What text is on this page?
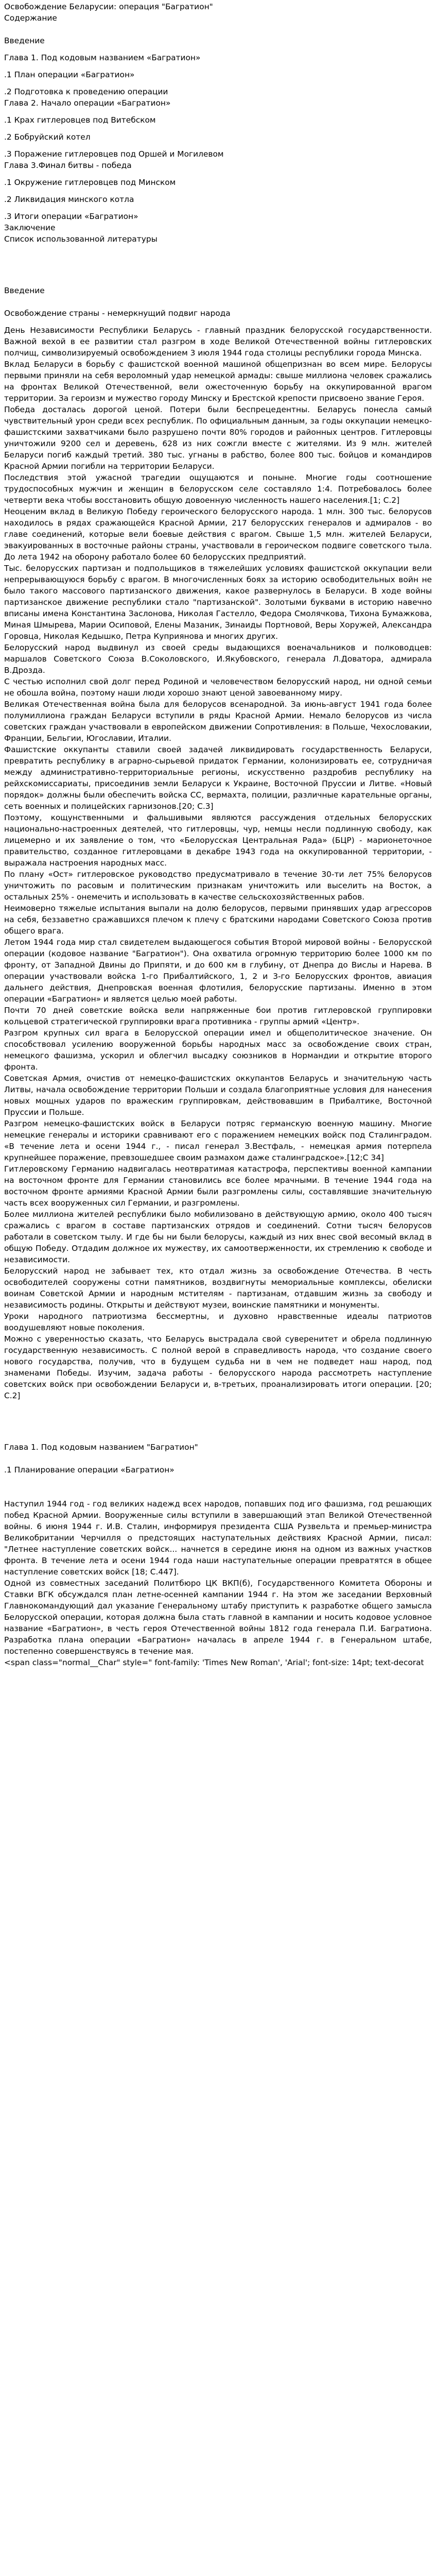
Освобождение Беларусии: операция "Багратион"

Содержание

Введение

Глава 1. Под кодовым названием «Багратион»

.1 План операции «Багратион»

.2 Подготовка к проведению операции

Глава 2. Начало операции «Багратион»

.1 Крах гитлеровцев под Витебском

.2 Бобруйский котел

.3 Поражение гитлеровцев под Оршей и Могилевом

Глава 3.Финал битвы - победа

.1 Окружение гитлеровцев под Минском

.2 Ликвидация минского котла

.3 Итоги операции «Багратион»

Заключение

Список использованной литературы

Введение

Освобождение страны - немеркнущий подвиг народа

День Независимости Республики Беларусь - главный праздник белорусской государственности. Важной вехой в ее развитии стал разгром в ходе Великой Отечественной войны гитлеровских полчищ, символизируемый освобождением 3 июля 1944 года столицы республики города Минска.

Вклад Беларуси в борьбу с фашистской военной машиной общепризнан во всем мире. Белорусы первыми приняли на себя вероломный удар немецкой армады: свыше миллиона человек сражались на фронтах Великой Отечественной, вели ожесточенную борьбу на оккупированной врагом территории. За героизм и мужество городу Минску и Брестской крепости присвоено звание Героя.

Победа досталась дорогой ценой. Потери были беспрецедентны. Беларусь понесла самый чувствительный урон среди всех республик. По официальным данным, за годы оккупации немецко-фашистскими захватчиками было разрушено почти 80% городов и районных центров. Гитлеровцы уничтожили 9200 сел и деревень, 628 из них сожгли вместе с жителями. Из 9 млн. жителей Беларуси погиб каждый третий. 380 тыс. угнаны в рабство, более 800 тыс. бойцов и командиров Красной Армии погибли на территории Беларуси.

Последствия этой ужасной трагедии ощущаются и поныне. Многие годы соотношение трудоспособных мужчин и женщин в белорусском селе составляло 1:4. Потребовалось более четверти века чтобы восстановить общую довоенную численность нашего населения.[1; С.2]

Неоценим вклад в Великую Победу героического белорусского народа. 1 млн. 300 тыс. белорусов находилось в рядах сражающейся Красной Армии, 217 белорусских генералов и адмиралов - во главе соединений, которые вели боевые действия с врагом. Свыше 1,5 млн. жителей Беларуси, эвакуированных в восточные районы страны, участвовали в героическом подвиге советского тыла. До лета 1942 на оборону работало более 60 белорусских предприятий.

Тыс. белорусских партизан и подпольщиков в тяжелейших условиях фашистской оккупации вели непрерывающуюся борьбу с врагом. В многочисленных боях за историю освободительных войн не было такого массового партизанского движения, какое развернулось в Беларуси. В ходе войны партизанское движение республики стало "партизанской". Золотыми буквами в историю навечно вписаны имена Константина Заслонова, Николая Гастелло, Федора Смолячкова, Тихона Бумажкова, Миная Шмырева, Марии Осиповой, Елены Мазаник, Зинаиды Портновой, Веры Хоружей, Александра Горовца, Николая Кедышко, Петра Куприянова и многих других.

Белорусский народ выдвинул из своей среды выдающихся военачальников и полководцев: маршалов Советского Союза В.Соколовского, И.Якубовского, генерала Л.Доватора, адмирала В.Дрозда.

С честью исполнил свой долг перед Родиной и человечеством белорусский народ, ни одной семьи не обошла война, поэтому наши люди хорошо знают ценой завоеванному миру.

Великая Отечественная война была для белорусов всенародной. За июнь-август 1941 года более полумиллиона граждан Беларуси вступили в ряды Красной Армии. Немало белорусов из числа советских граждан участвовали в европейском движении Сопротивления: в Польше, Чехословакии, Франции, Бельгии, Югославии, Италии.

Фашистские оккупанты ставили своей задачей ликвидировать государственность Беларуси, превратить республику в аграрно-сырьевой придаток Германии, колонизировать ее, сотрудничая между административно-территориальные регионы, искусственно раздробив республику на рейхскомиссариаты, присоединив земли Беларуси к Украине, Восточной Пруссии и Литве. «Новый порядок» должны были обеспечить войска СС, вермахта, полиции, различные карательные органы, сеть военных и полицейских гарнизонов.[20; С.3]

Поэтому, кощунственными и фальшивыми являются рассуждения отдельных белорусских национально-настроенных деятелей, что гитлеровцы, чур, немцы несли подлинную свободу, как лицемерно и их заявление о том, что «Белорусская Центральная Рада» (БЦР) - марионеточное правительство, созданное гитлеровцами в декабре 1943 года на оккупированной территории, - выражала настроения народных масс.

По плану «Ост» гитлеровское руководство предусматривало в течение 30-ти лет 75% белорусов уничтожить по расовым и политическим признакам уничтожить или выселить на Восток, а остальных 25% - онемечить и использовать в качестве сельскохозяйственных рабов.

Неимоверно тяжелые испытания выпали на долю белорусов, первыми принявших удар агрессоров на себя, беззаветно сражавшихся плечом к плечу с братскими народами Советского Союза против общего врага.

Летом 1944 года мир стал свидетелем выдающегося события Второй мировой войны - Белорусской операции (кодовое название "Багратион"). Она охватила огромную территорию более 1000 км по фронту, от Западной Двины до Припяти, и до 600 км в глубину, от Днепра до Вислы и Нарева. В операции участвовали войска 1-го Прибалтийского, 1, 2 и 3-го Белорусских фронтов, авиация дальнего действия, Днепровская военная флотилия, белорусские партизаны. Именно в этом операции «Багратион» и является целью моей работы.

Почти 70 дней советские войска вели напряженные бои против гитлеровской группировки кольцевой стратегической группировки врага противника - группы армий «Центр».

Разгром крупных сил врага в Белорусской операции имел и общеполитическое значение. Он способствовал усилению вооруженной борьбы народных масс за освобождение своих стран, немецкого фашизма, ускорил и облегчил высадку союзников в Нормандии и открытие второго фронта.

Советская Армия, очистив от немецко-фашистских оккупантов Беларусь и значительную часть Литвы, начала освобождение территории Польши и создала благоприятные условия для нанесения новых мощных ударов по вражеским группировкам, действовавшим в Прибалтике, Восточной Пруссии и Польше.

Разгром немецко-фашистских войск в Беларуси потряс германскую военную машину. Многие немецкие генералы и историки сравнивают его с поражением немецких войск под Сталинградом. «В течение лета и осени 1944 г., - писал генерал З.Вестфаль, - немецкая армия потерпела крупнейшее поражение, превзошедшее своим размахом даже сталинградское».[12;С 34]

Гитлеровскому Германию надвигалась неотвратимая катастрофа, перспективы военной кампании на восточном фронте для Германии становились все более мрачными. В течение 1944 года на восточном фронте армиями Красной Армии были разгромлены силы, составлявшие значительную часть всех вооруженных сил Германии, и разгромлены.

Более миллиона жителей республики было мобилизовано в действующую армию, около 400 тысяч сражались с врагом в составе партизанских отрядов и соединений. Сотни тысяч белорусов работали в советском тылу. И где бы ни были белорусы, каждый из них внес свой весомый вклад в общую Победу. Отдадим должное их мужеству, их самоотверженности, их стремлению к свободе и независимости.

Белорусский народ не забывает тех, кто отдал жизнь за освобождение Отечества. В честь освободителей сооружены сотни памятников, воздвигнуты мемориальные комплексы, обелиски воинам Советской Армии и народным мстителям - партизанам, отдавшим жизнь за свободу и независимость родины. Открыты и действуют музеи, воинские памятники и монументы.

Уроки народного патриотизма бессмертны, и духовно нравственные идеалы патриотов воодушевляют новые поколения.

Можно с уверенностью сказать, что Беларусь выстрадала свой суверенитет и обрела подлинную государственную независимость. С полной верой в справедливость народа, что создание своего нового государства, получив, что в будущем судьба ни в чем не подведет наш народ, под знаменами Победы. Изучим, задача работы - белорусского народа рассмотреть наступление советских войск при освобождении Беларуси и, в-третьих, проанализировать итоги операции. [20; С.2]

Глава 1. Под кодовым названием "Багратион"

.1 Планирование операции «Багратион»

Наступил 1944 год - год великих надежд всех народов, попавших под иго фашизма, год решающих побед Красной Армии. Вооруженные силы вступили в завершающий этап Великой Отечественной войны. 6 июня 1944 г. И.В. Сталин, информируя президента США Рузвельта и премьер-министра Великобритании Черчилля о предстоящих наступательных действиях Красной Армии, писал: "Летнее наступление советских войск... начнется в середине июня на одном из важных участков фронта. В течение лета и осени 1944 года наши наступательные операции превратятся в общее наступление советских войск [18; С.447].

Одной из совместных заседаний Политбюро ЦК ВКП(б), Государственного Комитета Обороны и Ставки ВГК обсуждался план летне-осенней кампании 1944 г. На этом же заседании Верховный Главнокомандующий дал указание Генеральному штабу приступить к разработке общего замысла Белорусской операции, которая должна была стать главной в кампании и носить кодовое условное название «Багратион», в честь героя Отечественной войны 1812 года генерала П.И. Багратиона. Разработка плана операции «Багратион» началась в апреле 1944 г. в Генеральном штабе, постепенно совершенствуясь в течение мая.

<span class="normal__Char" style=" font-family: 'Times New Roman', 'Arial'; font-size: 14pt; text-decorat
